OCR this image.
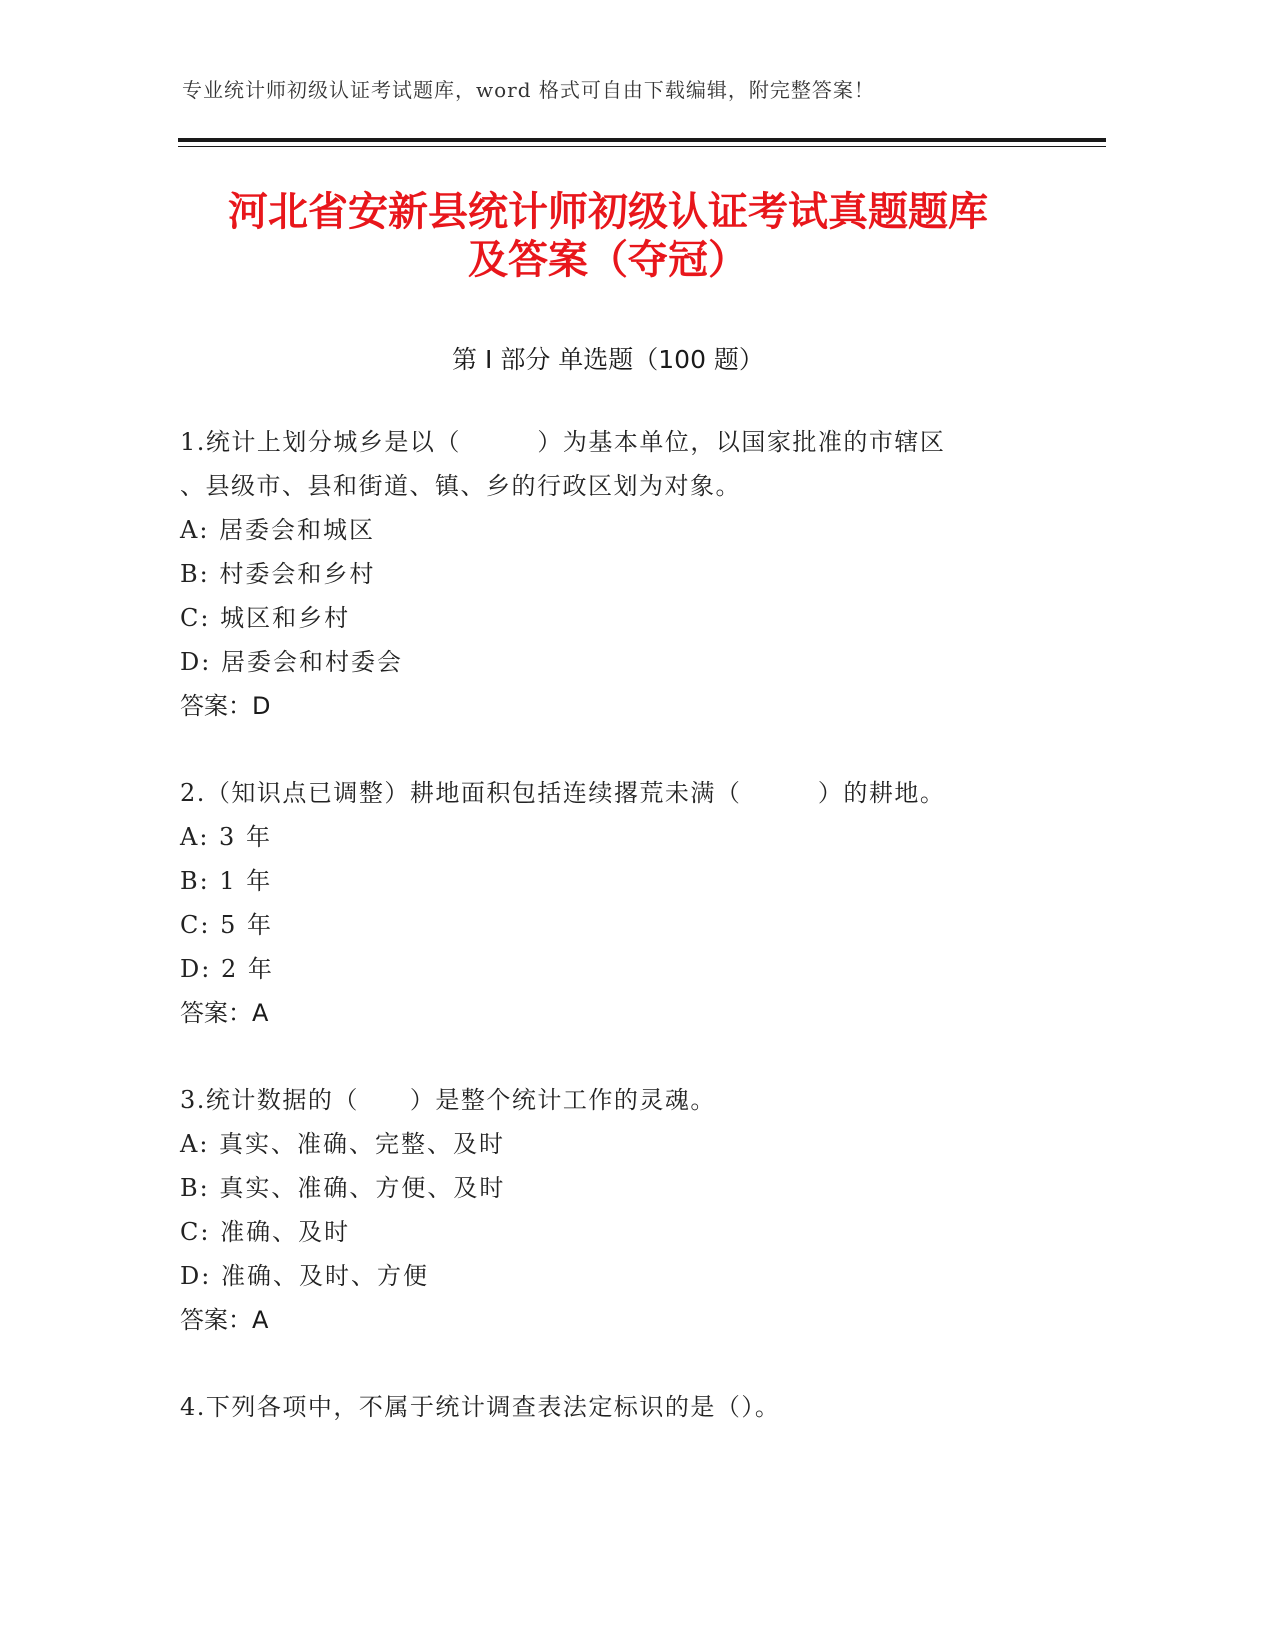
专业统计师初级认证考试题库，word 格式可自由下载编辑，附完整答案！
河北省安新县统计师初级认证考试真题题库
及答案（夺冠）
第 I 部分 单选题（100 题）
1.统计上划分城乡是以（　　　）为基本单位，以国家批准的市辖区
、县级市、县和街道、镇、乡的行政区划为对象。
A: 居委会和城区
B: 村委会和乡村
C: 城区和乡村
D: 居委会和村委会
答案：D
2.（知识点已调整）耕地面积包括连续撂荒未满（　　　）的耕地。
A: 3 年
B: 1 年
C: 5 年
D: 2 年
答案：A
3.统计数据的（　　）是整个统计工作的灵魂。
A: 真实、准确、完整、及时
B: 真实、准确、方便、及时
C: 准确、及时
D: 准确、及时、方便
答案：A
4.下列各项中，不属于统计调查表法定标识的是（）。
